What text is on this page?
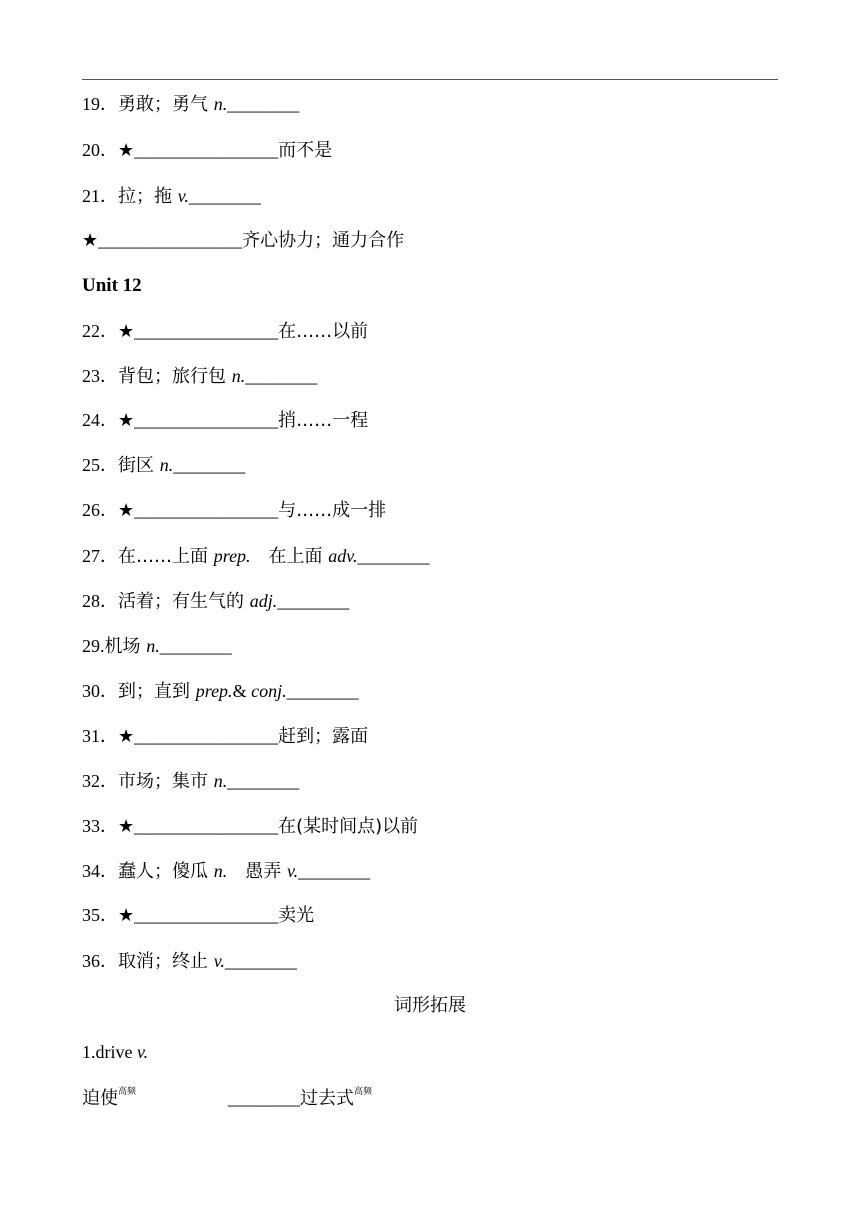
19．勇敢；勇气 n.________
20．★________________而不是
21．拉；拖 v.________
★________________齐心协力；通力合作
Unit 12
22．★________________在……以前
23．背包；旅行包 n.________
24．★________________捎……一程
25．街区 n.________
26．★________________与……成一排
27．在……上面 prep.　在上面 adv.________
28．活着；有生气的 adj.________
29.机场 n.________
30．到；直到 prep.& conj.________
31．★________________赶到；露面
32．市场；集市 n.________
33．★________________在(某时间点)以前
34．蠢人；傻瓜 n.　愚弄 v.________
35．★________________卖光
36．取消；终止 v.________
词形拓展
1.drive v.
迫使$^{高频}$	________过去式$^{高频}$
